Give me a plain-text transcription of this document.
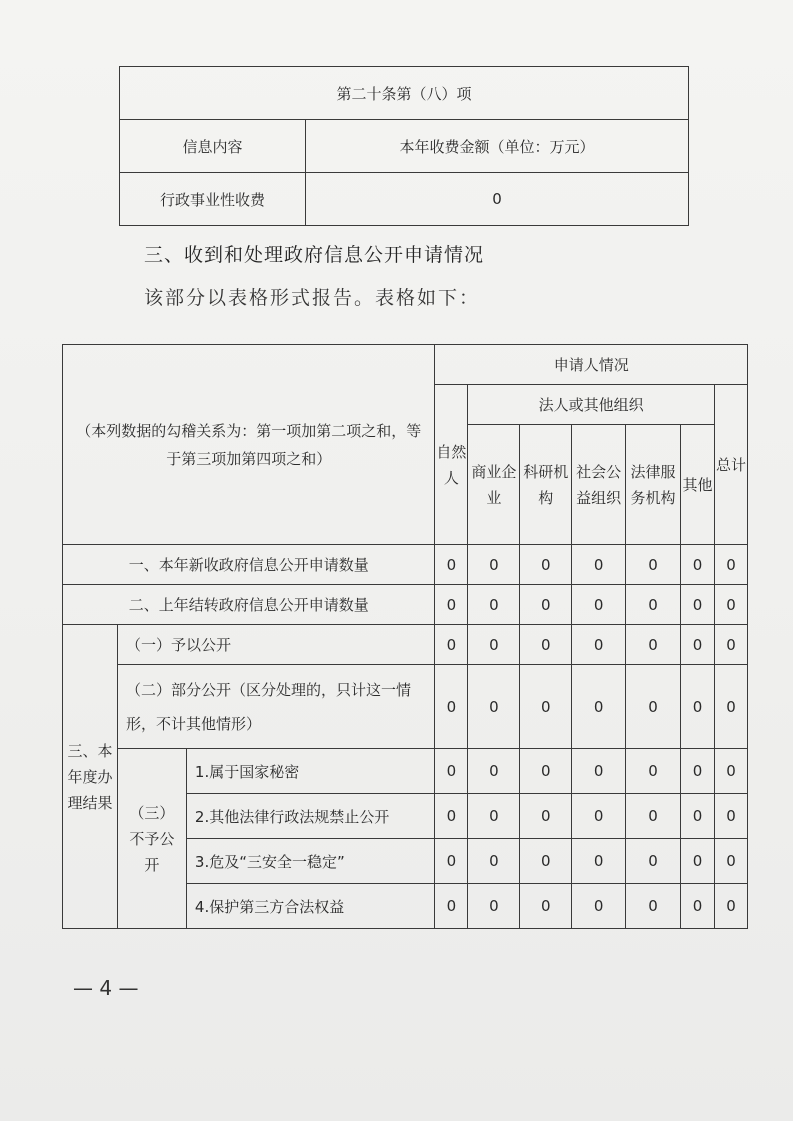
第二十条第（八）项	
信息内容	本年收费金额（单位：万元）
行政事业性收费	0
三、收到和处理政府信息公开申请情况
该部分以表格形式报告。表格如下：
（本列数据的勾稽关系为：第一项加第二项之和，等于第三项加第四项之和）			申请人情况						
			自然人	法人或其他组织					总计
				商业企业	科研机构	社会公益组织	法律服务机构	其他	
一、本年新收政府信息公开申请数量			0	0	0	0	0	0	0
二、上年结转政府信息公开申请数量			0	0	0	0	0	0	0
三、本年度办理结果	（一）予以公开		0	0	0	0	0	0	0
	（二）部分公开（区分处理的，只计这一情形，不计其他情形）		0	0	0	0	0	0	0
	（三）不予公开	1.属于国家秘密	0	0	0	0	0	0	0
		2.其他法律行政法规禁止公开	0	0	0	0	0	0	0
		3.危及“三安全一稳定”	0	0	0	0	0	0	0
		4.保护第三方合法权益	0	0	0	0	0	0	0
— 4 —
